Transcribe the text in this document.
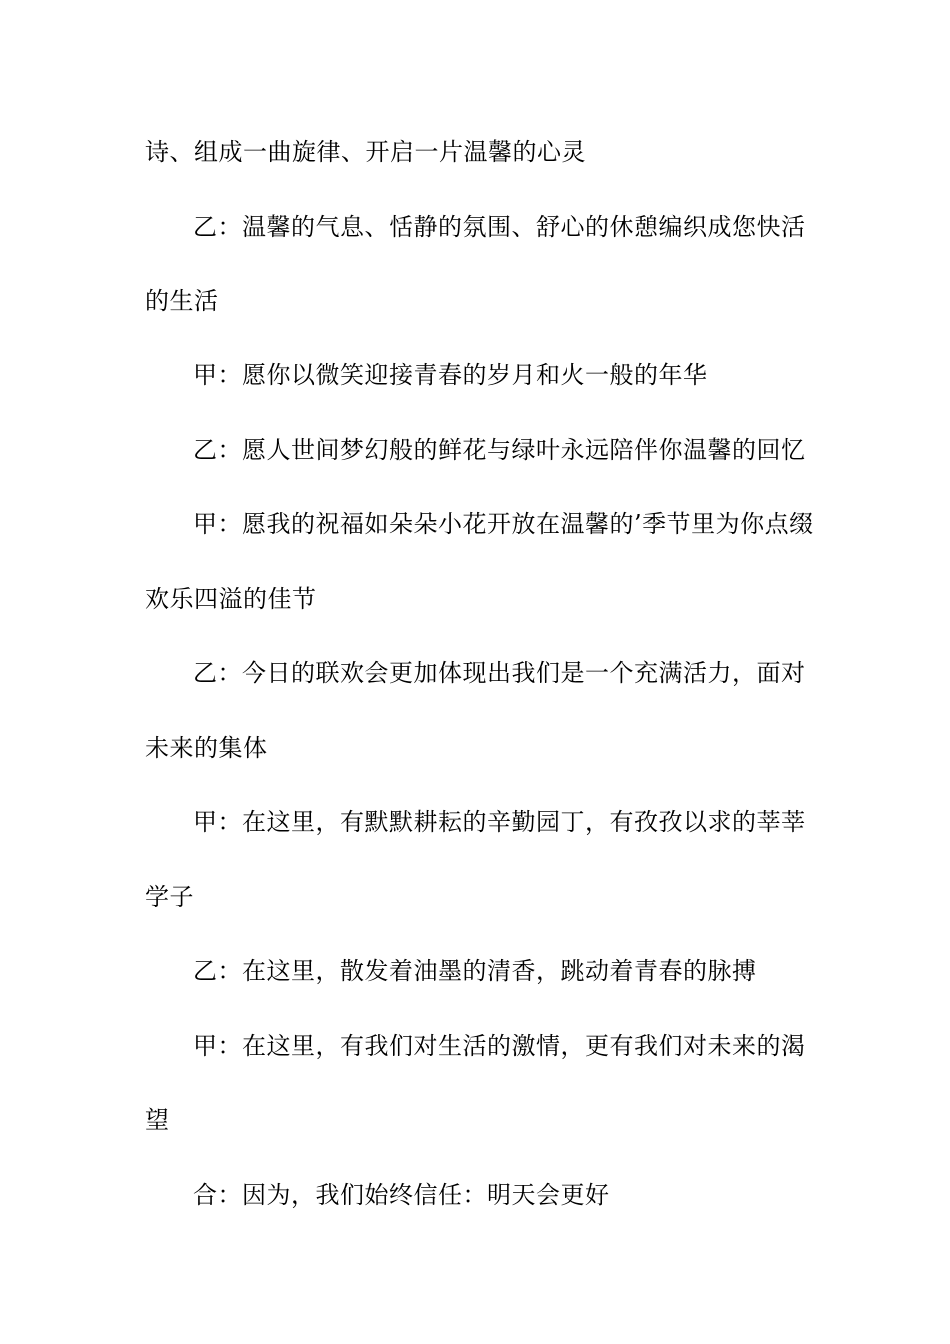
诗、组成一曲旋律、开启一片温馨的心灵
乙：温馨的气息、恬静的氛围、舒心的休憩编织成您快活
的生活
甲：愿你以微笑迎接青春的岁月和火一般的年华
乙：愿人世间梦幻般的鲜花与绿叶永远陪伴你温馨的回忆
甲：愿我的祝福如朵朵小花开放在温馨的’季节里为你点缀
欢乐四溢的佳节
乙：今日的联欢会更加体现出我们是一个充满活力，面对
未来的集体
甲：在这里，有默默耕耘的辛勤园丁，有孜孜以求的莘莘
学子
乙：在这里，散发着油墨的清香，跳动着青春的脉搏
甲：在这里，有我们对生活的激情，更有我们对未来的渴
望
合：因为，我们始终信任：明天会更好
